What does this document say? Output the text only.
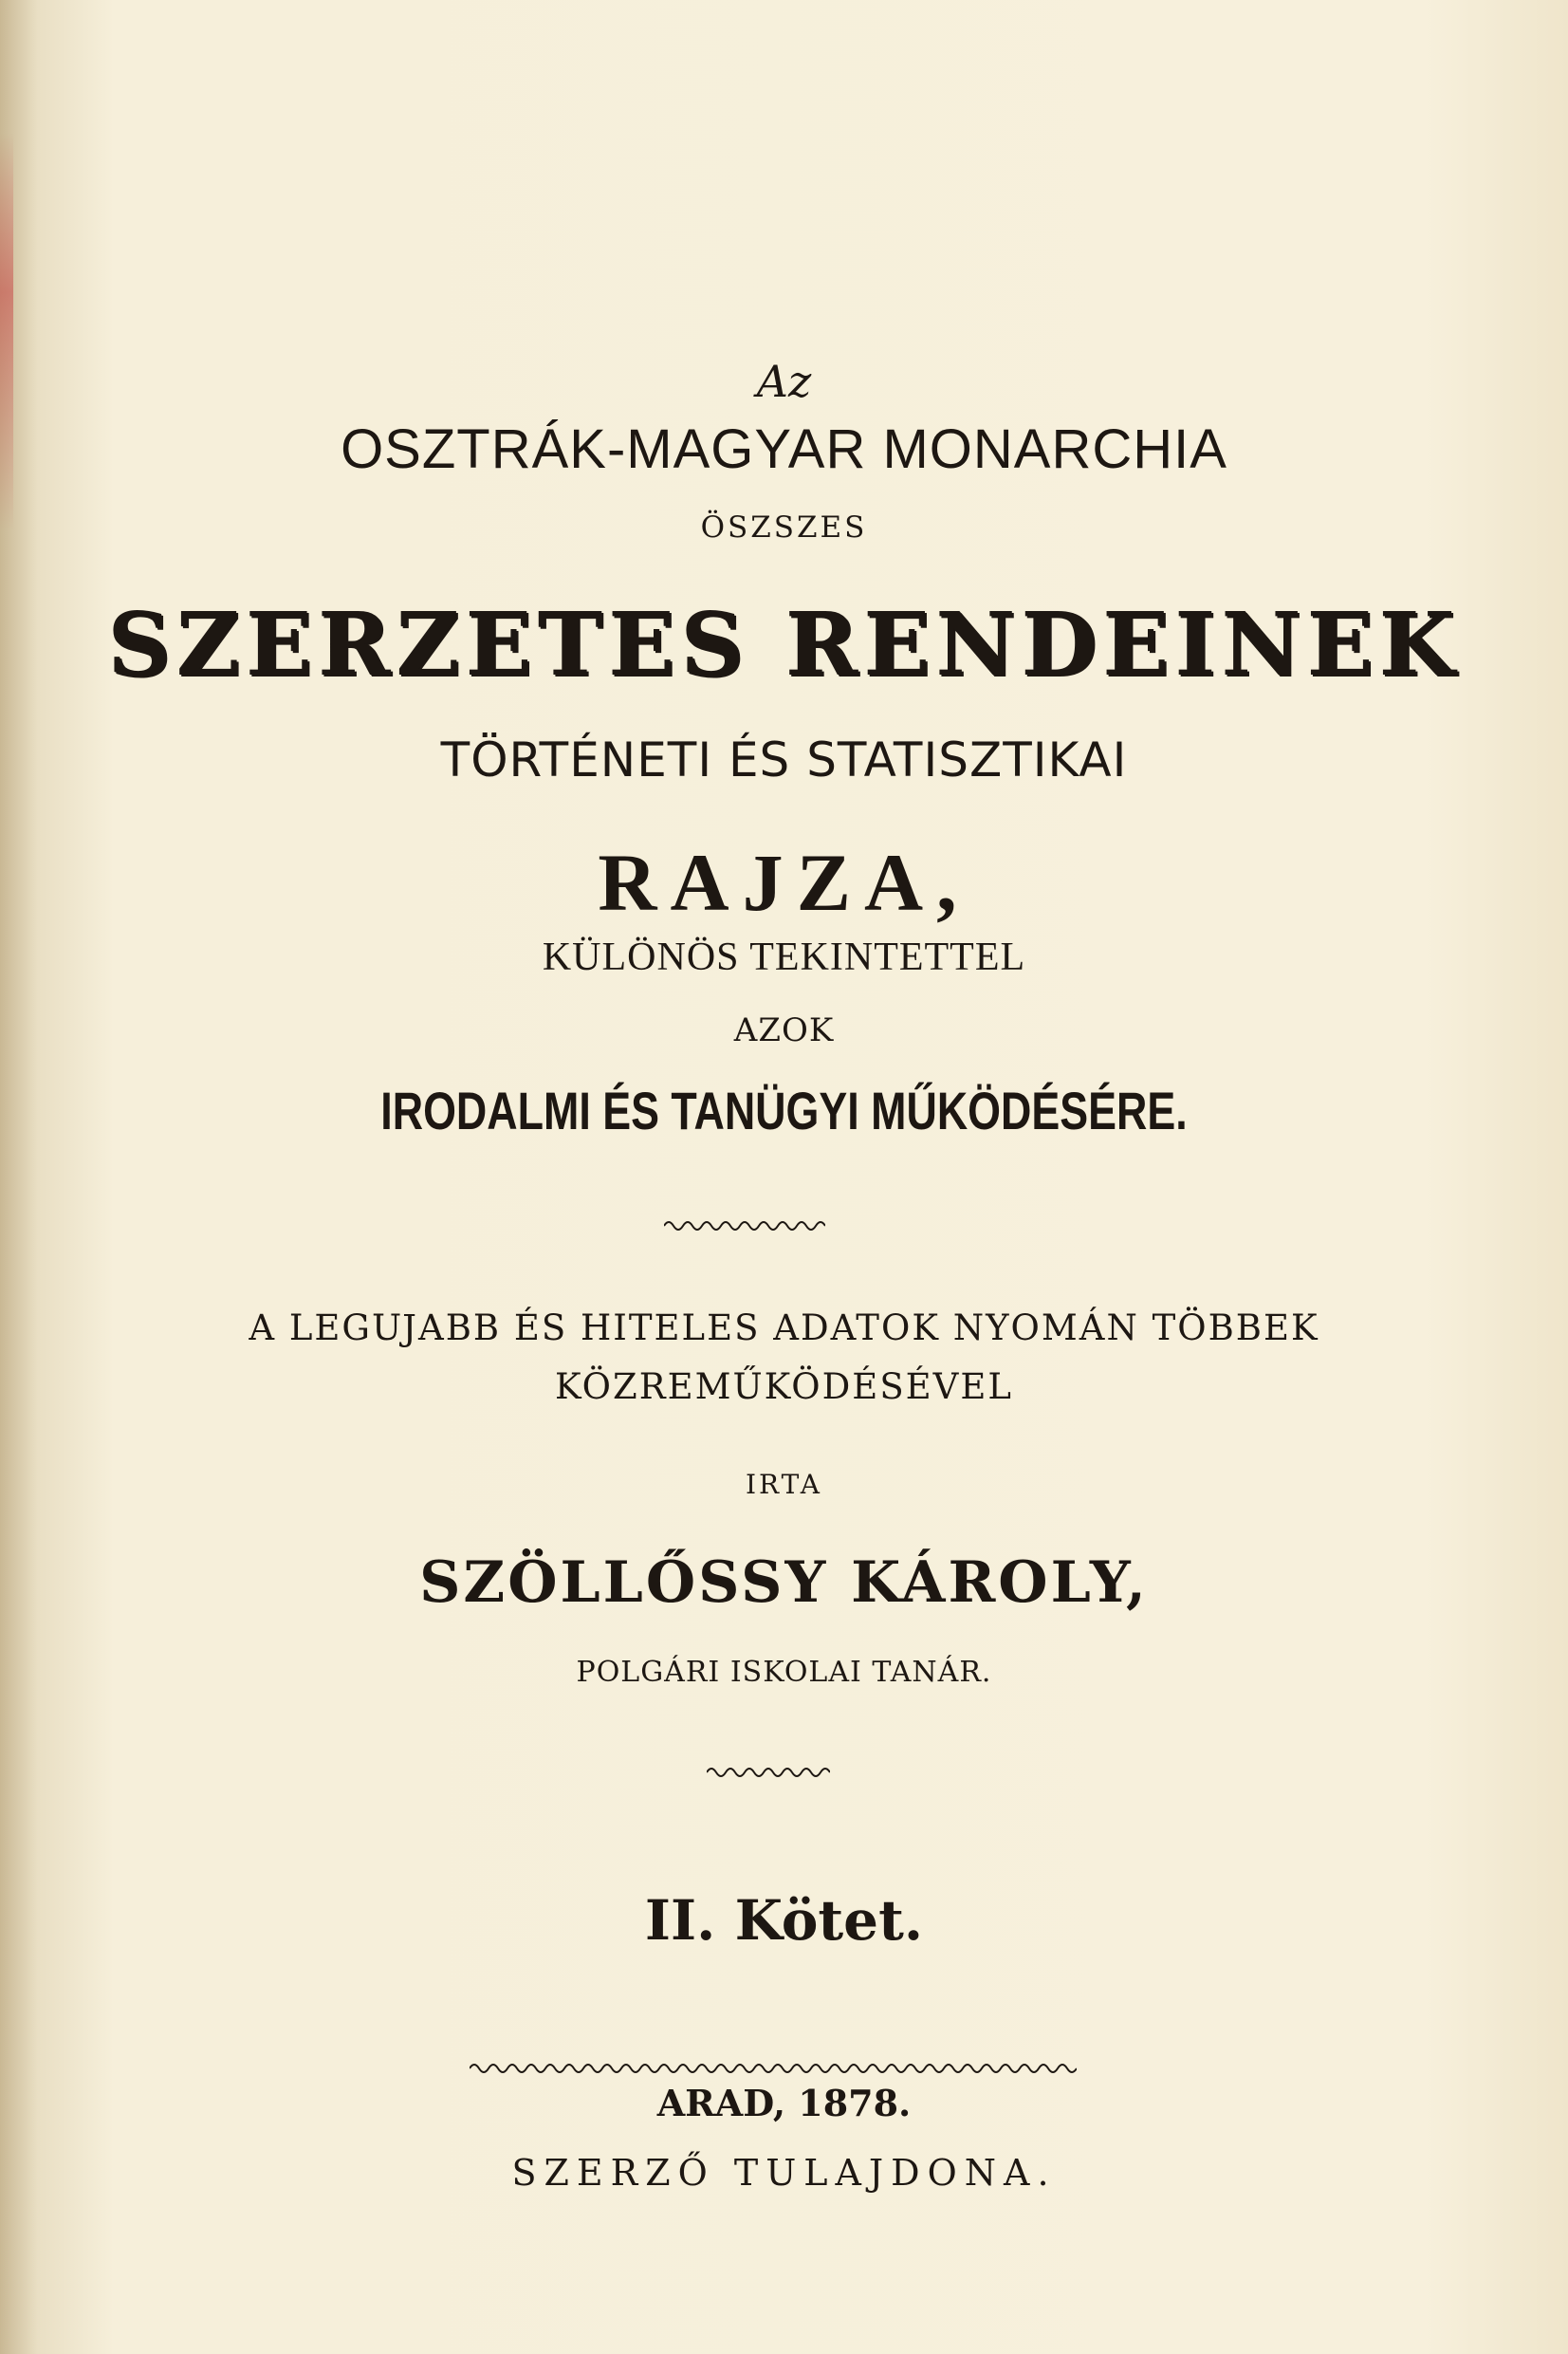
Az
OSZTRÁK-MAGYAR MONARCHIA
ÖSZSZES
SZERZETES RENDEINEK
TÖRTÉNETI ÉS STATISZTIKAI
RAJZA,
KÜLÖNÖS TEKINTETTEL
AZOK
IRODALMI ÉS TANÜGYI MŰKÖDÉSÉRE.
A LEGUJABB ÉS HITELES ADATOK NYOMÁN TÖBBEK
KÖZREMŰKÖDÉSÉVEL
IRTA
SZÖLLŐSSY KÁROLY,
POLGÁRI ISKOLAI TANÁR.
II. Kötet.
ARAD, 1878.
SZERZŐ TULAJDONA.
